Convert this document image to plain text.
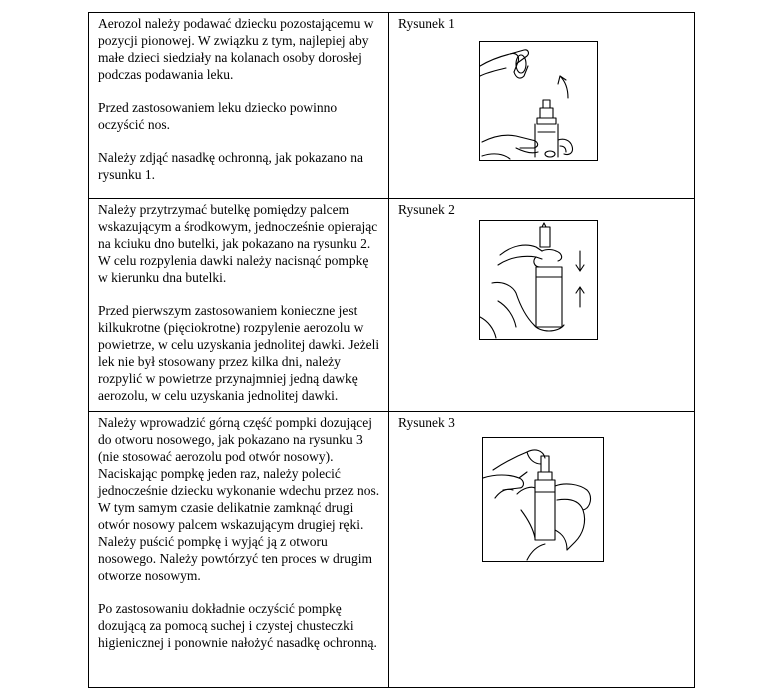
Aerozol należy podawać dziecku pozostającemu w pozycji pionowej. W związku z tym, najlepiej aby małe dzieci siedziały na kolanach osoby dorosłej podczas podawania leku.

Przed zastosowaniem leku dziecko powinno oczyścić nos.

Należy zdjąć nasadkę ochronną, jak pokazano na rysunku 1.	Rysunek 1

Należy przytrzymać butelkę pomiędzy palcem wskazującym a środkowym, jednocześnie opierając na kciuku dno butelki, jak pokazano na rysunku 2. W celu rozpylenia dawki należy nacisnąć pompkę w kierunku dna butelki.

Przed pierwszym zastosowaniem konieczne jest kilkukrotne (pięciokrotne) rozpylenie aerozolu w powietrze, w celu uzyskania jednolitej dawki. Jeżeli lek nie był stosowany przez kilka dni, należy rozpylić w powietrze przynajmniej jedną dawkę aerozolu, w celu uzyskania jednolitej dawki.	Rysunek 2

Należy wprowadzić górną część pompki dozującej do otworu nosowego, jak pokazano na rysunku 3 (nie stosować aerozolu pod otwór nosowy). Naciskając pompkę jeden raz, należy polecić jednocześnie dziecku wykonanie wdechu przez nos. W tym samym czasie delikatnie zamknąć drugi otwór nosowy palcem wskazującym drugiej ręki. Należy puścić pompkę i wyjąć ją z otworu nosowego. Należy powtórzyć ten proces w drugim otworze nosowym.

Po zastosowaniu dokładnie oczyścić pompkę dozującą za pomocą suchej i czystej chusteczki higienicznej i ponownie nałożyć nasadkę ochronną.	Rysunek 3
